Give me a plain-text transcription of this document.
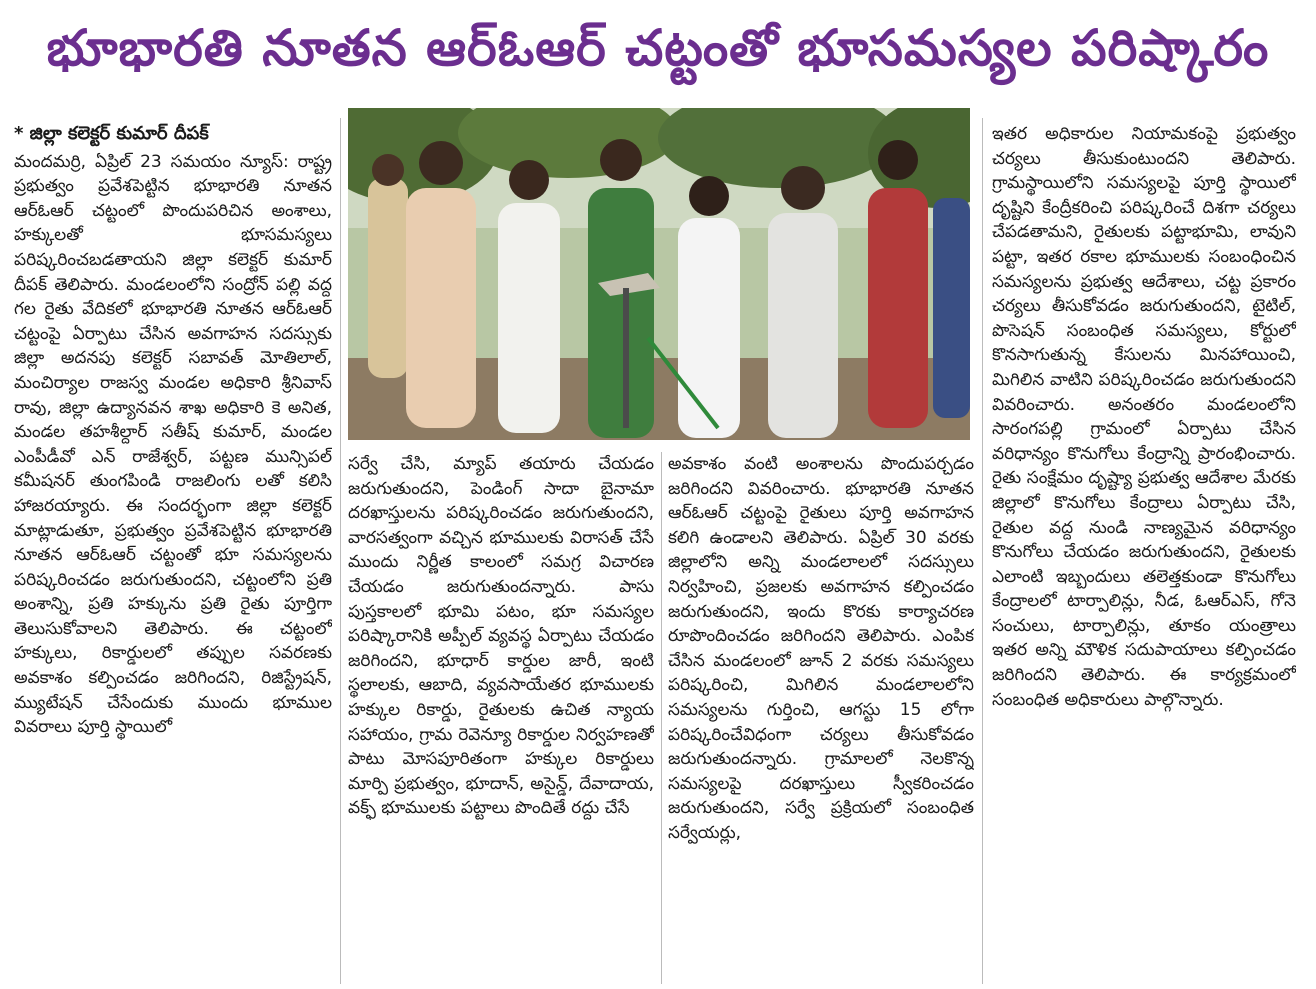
భూభారతి నూతన ఆర్‌ఓఆర్ చట్టంతో భూసమస్యల పరిష్కారం
* జిల్లా కలెక్టర్ కుమార్ దీపక్

మందమర్రి, ఏప్రిల్ 23 సమయం న్యూస్: రాష్ట్ర ప్రభుత్వం ప్రవేశపెట్టిన భూభారతి నూతన ఆర్‌ఓఆర్ చట్టంలో పొందుపరిచిన అంశాలు, హక్కులతో భూసమస్యలు పరిష్కరించబడతాయని జిల్లా కలెక్టర్ కుమార్ దీపక్ తెలిపారు. మండలంలోని సంద్రోన్ పల్లి వద్ద గల రైతు వేదికలో భూభారతి నూతన ఆర్‌ఓఆర్ చట్టంపై ఏర్పాటు చేసిన అవగాహన సదస్సుకు జిల్లా అదనపు కలెక్టర్ సబావత్ మోతిలాల్, మంచిర్యాల రాజస్వ మండల అధికారి శ్రీనివాస్ రావు, జిల్లా ఉద్యానవన శాఖ అధికారి కె అనిత, మండల తహశీల్దార్ సతీష్ కుమార్, మండల ఎంపీడీవో ఎన్ రాజేశ్వర్, పట్టణ మున్సిపల్ కమీషనర్ తుంగపిండి రాజలింగు లతో కలిసి హాజరయ్యారు. ఈ సందర్భంగా జిల్లా కలెక్టర్ మాట్లాడుతూ, ప్రభుత్వం ప్రవేశపెట్టిన భూభారతి నూతన ఆర్‌ఓఆర్ చట్టంతో భూ సమస్యలను పరిష్కరించడం జరుగుతుందని, చట్టంలోని ప్రతి అంశాన్ని, ప్రతి హక్కును ప్రతి రైతు పూర్తిగా తెలుసుకోవాలని తెలిపారు. ఈ చట్టంలో హక్కులు, రికార్డులలో తప్పుల సవరణకు అవకాశం కల్పించడం జరిగిందని, రిజిస్ట్రేషన్, మ్యుటేషన్ చేసేందుకు ముందు భూముల వివరాలు పూర్తి స్థాయిలో

సర్వే చేసి, మ్యాప్ తయారు చేయడం జరుగుతుందని, పెండింగ్ సాదా బైనామా దరఖాస్తులను పరిష్కరించడం జరుగుతుందని, వారసత్వంగా వచ్చిన భూములకు విరాసత్ చేసే ముందు నిర్ణీత కాలంలో సమగ్ర విచారణ చేయడం జరుగుతుందన్నారు. పాసు పుస్తకాలలో భూమి పటం, భూ సమస్యల పరిష్కారానికి అప్పీల్ వ్యవస్థ ఏర్పాటు చేయడం జరిగిందని, భూధార్ కార్డుల జారీ, ఇంటి స్థలాలకు, ఆబాది, వ్యవసాయేతర భూములకు హక్కుల రికార్డు, రైతులకు ఉచిత న్యాయ సహాయం, గ్రామ రెవెన్యూ రికార్డుల నిర్వహణతో పాటు మోసపూరితంగా హక్కుల రికార్డులు మార్పి ప్రభుత్వం, భూదాన్, అసైన్డ్, దేవాదాయ, వక్ఫ్ భూములకు పట్టాలు పొందితే రద్దు చేసే

అవకాశం వంటి అంశాలను పొందుపర్చడం జరిగిందని వివరించారు. భూభారతి నూతన ఆర్‌ఓఆర్ చట్టంపై రైతులు పూర్తి అవగాహన కలిగి ఉండాలని తెలిపారు. ఏప్రిల్ 30 వరకు జిల్లాలోని అన్ని మండలాలలో సదస్సులు నిర్వహించి, ప్రజలకు అవగాహన కల్పించడం జరుగుతుందని, ఇందు కొరకు కార్యాచరణ రూపొందించడం జరిగిందని తెలిపారు. ఎంపిక చేసిన మండలంలో జూన్ 2 వరకు సమస్యలు పరిష్కరించి, మిగిలిన మండలాలలోని సమస్యలను గుర్తించి, ఆగస్టు 15 లోగా పరిష్కరించేవిధంగా చర్యలు తీసుకోవడం జరుగుతుందన్నారు. గ్రామాలలో నెలకొన్న సమస్యలపై దరఖాస్తులు స్వీకరించడం జరుగుతుందని, సర్వే ప్రక్రియలో సంబంధిత సర్వేయర్లు,

ఇతర అధికారుల నియామకంపై ప్రభుత్వం చర్యలు తీసుకుంటుందని తెలిపారు. గ్రామస్థాయిలోని సమస్యలపై పూర్తి స్థాయిలో దృష్టిని కేంద్రీకరించి పరిష్కరించే దిశగా చర్యలు చేపడతామని, రైతులకు పట్టాభూమి, లావుని పట్టా, ఇతర రకాల భూములకు సంబంధించిన సమస్యలను ప్రభుత్వ ఆదేశాలు, చట్ట ప్రకారం చర్యలు తీసుకోవడం జరుగుతుందని, టైటిల్, పొసెషన్ సంబంధిత సమస్యలు, కోర్టులో కొనసాగుతున్న కేసులను మినహాయించి, మిగిలిన వాటిని పరిష్కరించడం జరుగుతుందని వివరించారు. అనంతరం మండలంలోని సారంగపల్లి గ్రామంలో ఏర్పాటు చేసిన వరిధాన్యం కొనుగోలు కేంద్రాన్ని ప్రారంభించారు. రైతు సంక్షేమం దృష్ట్యా ప్రభుత్వ ఆదేశాల మేరకు జిల్లాలో కొనుగోలు కేంద్రాలు ఏర్పాటు చేసి, రైతుల వద్ద నుండి నాణ్యమైన వరిధాన్యం కొనుగోలు చేయడం జరుగుతుందని, రైతులకు ఎలాంటి ఇబ్బందులు తలెత్తకుండా కొనుగోలు కేంద్రాలలో టార్పాలిన్లు, నీడ, ఓఆర్ఎస్, గోనె సంచులు, టార్పాలిన్లు, తూకం యంత్రాలు ఇతర అన్ని మౌళిక సదుపాయాలు కల్పించడం జరిగిందని తెలిపారు. ఈ కార్యక్రమంలో సంబంధిత అధికారులు పాల్గొన్నారు.
